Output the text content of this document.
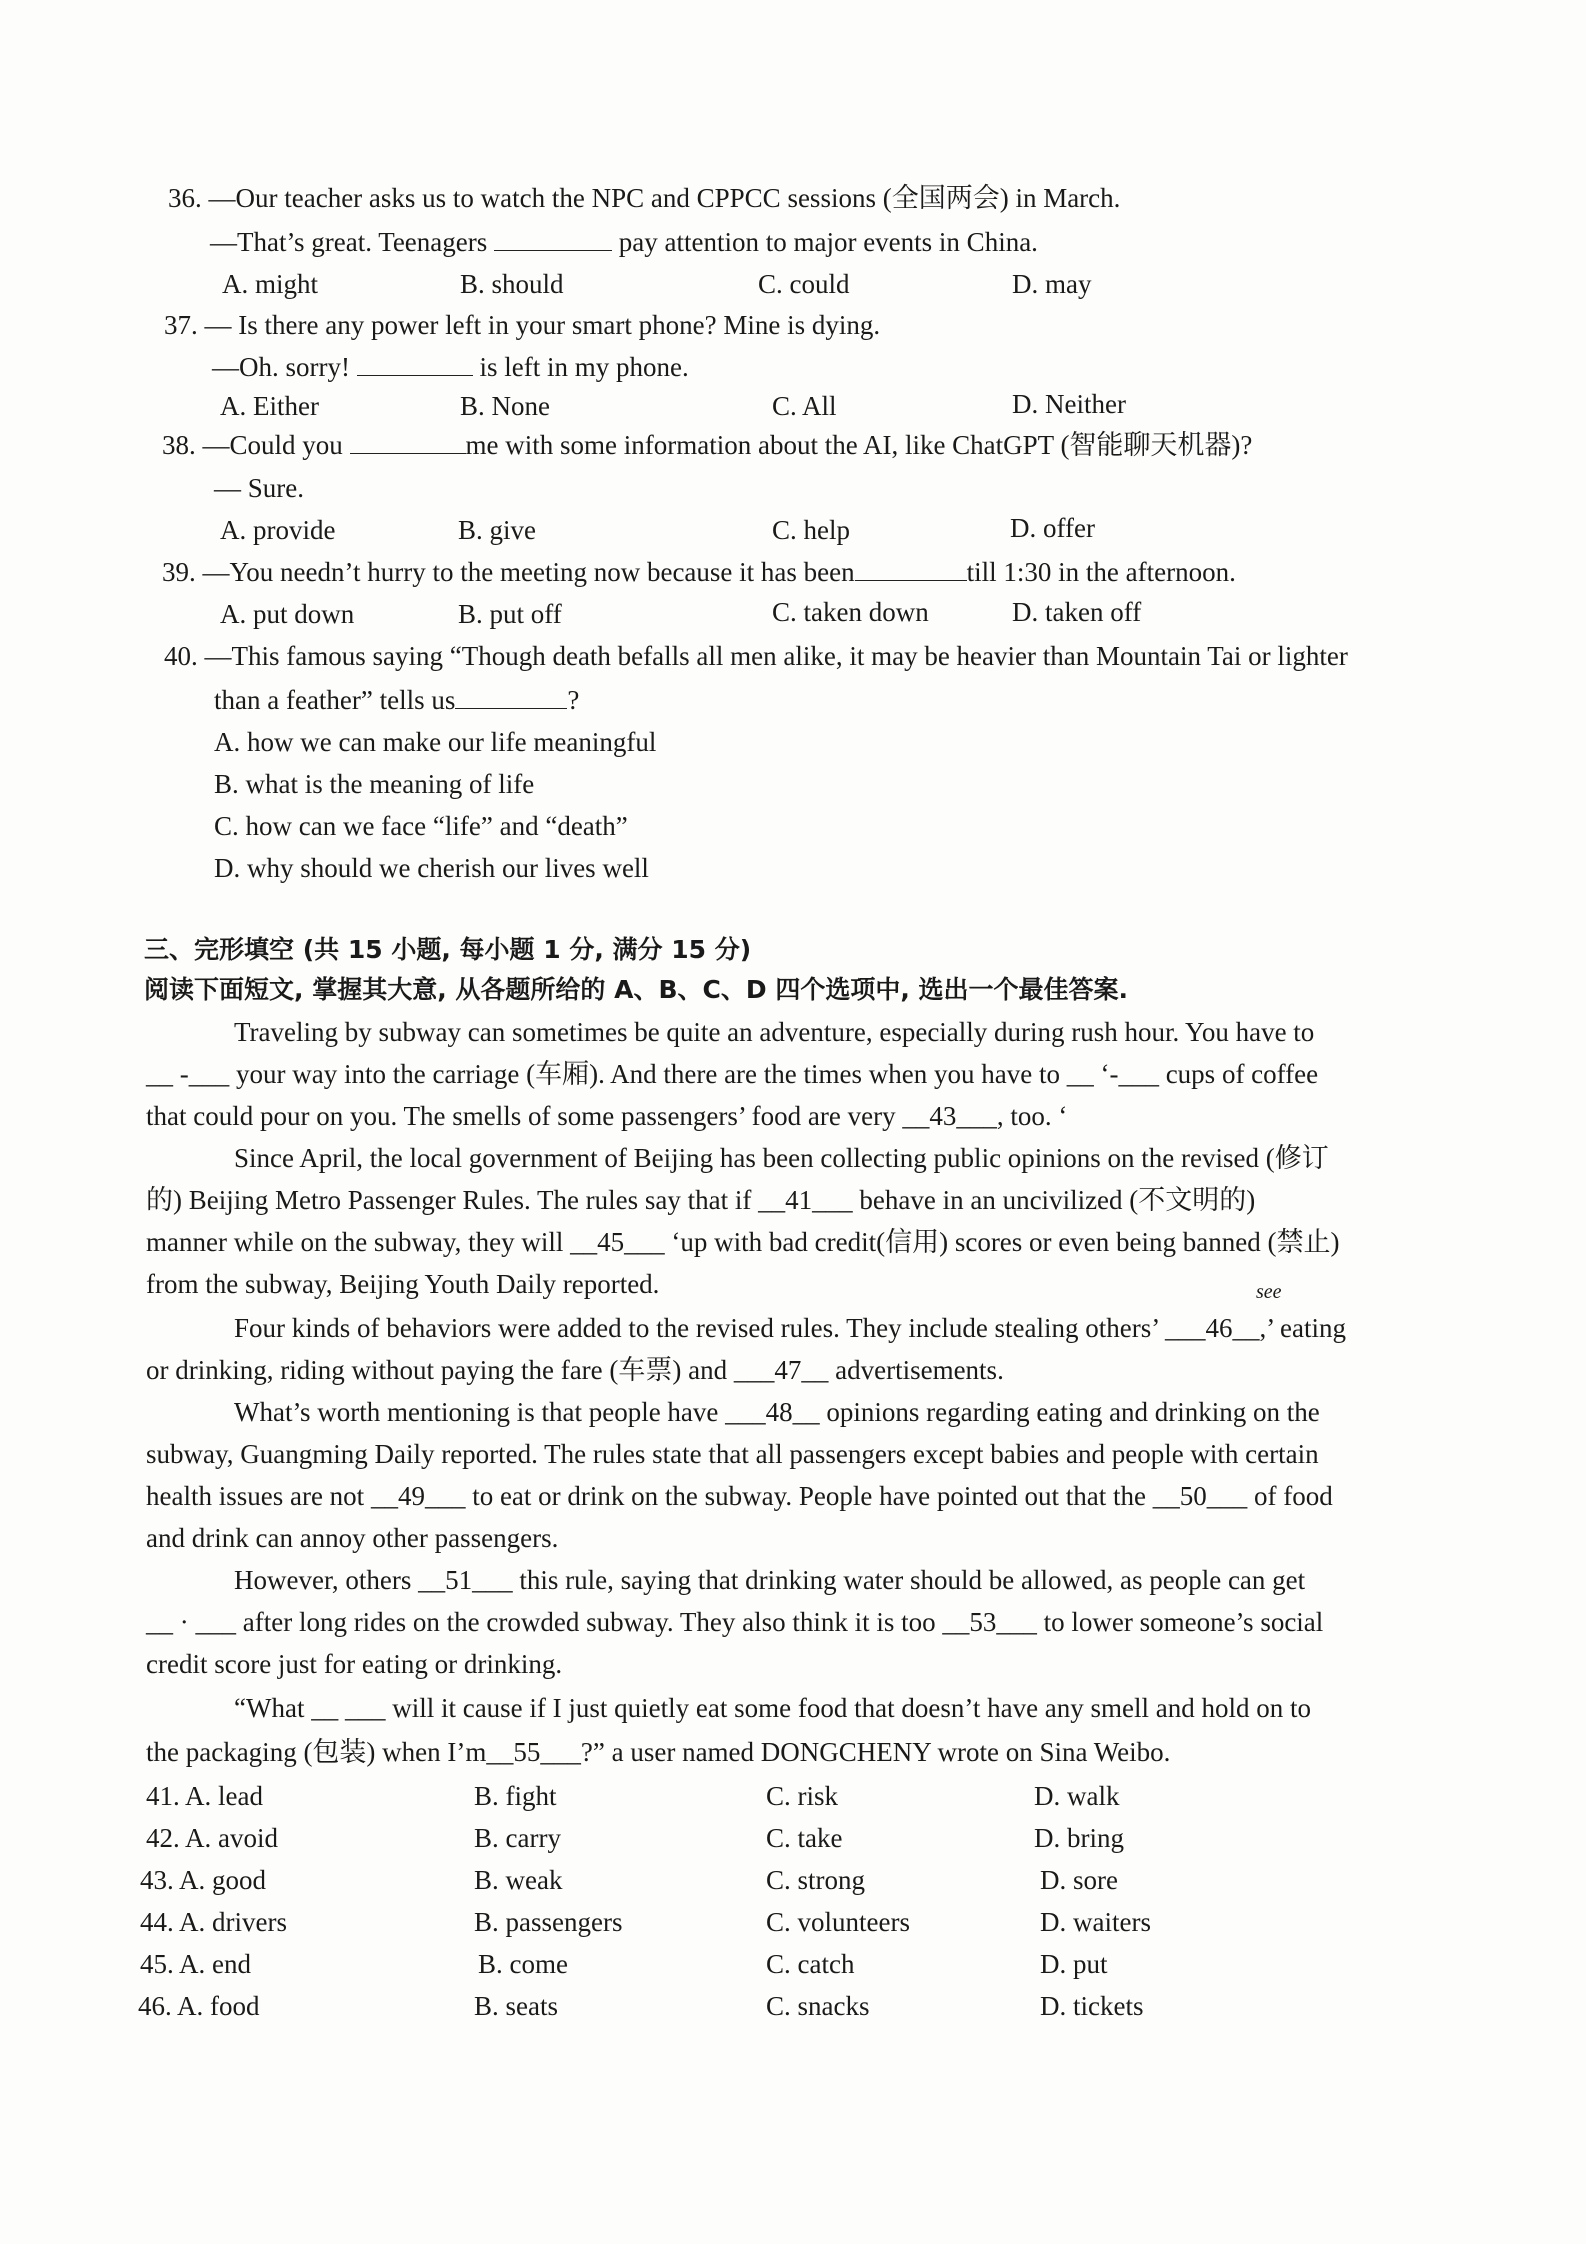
36. —Our teacher asks us to watch the NPC and CPPCC sessions (全国两会) in March.
—That’s great. Teenagers	pay attention to major events in China.
A. might	B. should	C. could	D. may
37. — Is there any power left in your smart phone? Mine is dying.
—Oh. sorry!	is left in my phone.
A. Either	B. None	C. All	D. Neither
38. —Could you	me with some information about the AI, like ChatGPT (智能聊天机器)?
— Sure.
A. provide	B. give	C. help	D. offer
39. —You needn’t hurry to the meeting now because it has been	till 1:30 in the afternoon.
A. put down	B. put off	C. taken down	D. taken off
40. —This famous saying “Though death befalls all men alike, it may be heavier than Mountain Tai or lighter
than a feather” tells us	?
A. how we can make our life meaningful
B. what is the meaning of life
C. how can we face “life” and “death”
D. why should we cherish our lives well
三、完形填空 (共 15 小题, 每小题 1 分, 满分 15 分)
阅读下面短文, 掌握其大意, 从各题所给的 A、B、C、D 四个选项中, 选出一个最佳答案.
Traveling by subway can sometimes be quite an adventure, especially during rush hour. You have to
__ -___ your way into the carriage (车厢). And there are the times when you have to __ ‘-___ cups of coffee
that could pour on you. The smells of some passengers’ food are very __43___, too. ‘
Since April, the local government of Beijing has been collecting public opinions on the revised (修订
的) Beijing Metro Passenger Rules. The rules say that if __41___ behave in an uncivilized (不文明的)
manner while on the subway, they will __45___ ‘up with bad credit(信用) scores or even being banned (禁止)
from the subway, Beijing Youth Daily reported.	see
Four kinds of behaviors were added to the revised rules. They include stealing others’ ___46__,’ eating
or drinking, riding without paying the fare (车票) and ___47__ advertisements.
What’s worth mentioning is that people have ___48__ opinions regarding eating and drinking on the
subway, Guangming Daily reported. The rules state that all passengers except babies and people with certain
health issues are not __49___ to eat or drink on the subway. People have pointed out that the __50___ of food
and drink can annoy other passengers.
However, others __51___ this rule, saying that drinking water should be allowed, as people can get
__ · ___ after long rides on the crowded subway. They also think it is too __53___ to lower someone’s social
credit score just for eating or drinking.
“What __ ___ will it cause if I just quietly eat some food that doesn’t have any smell and hold on to
the packaging (包装) when I’m__55___?” a user named DONGCHENY wrote on Sina Weibo.
41. A. lead	B. fight	C. risk	D. walk
42. A. avoid	B. carry	C. take	D. bring
43. A. good	B. weak	C. strong	D. sore
44. A. drivers	B. passengers	C. volunteers	D. waiters
45. A. end	B. come	C. catch	D. put
46. A. food	B. seats	C. snacks	D. tickets
